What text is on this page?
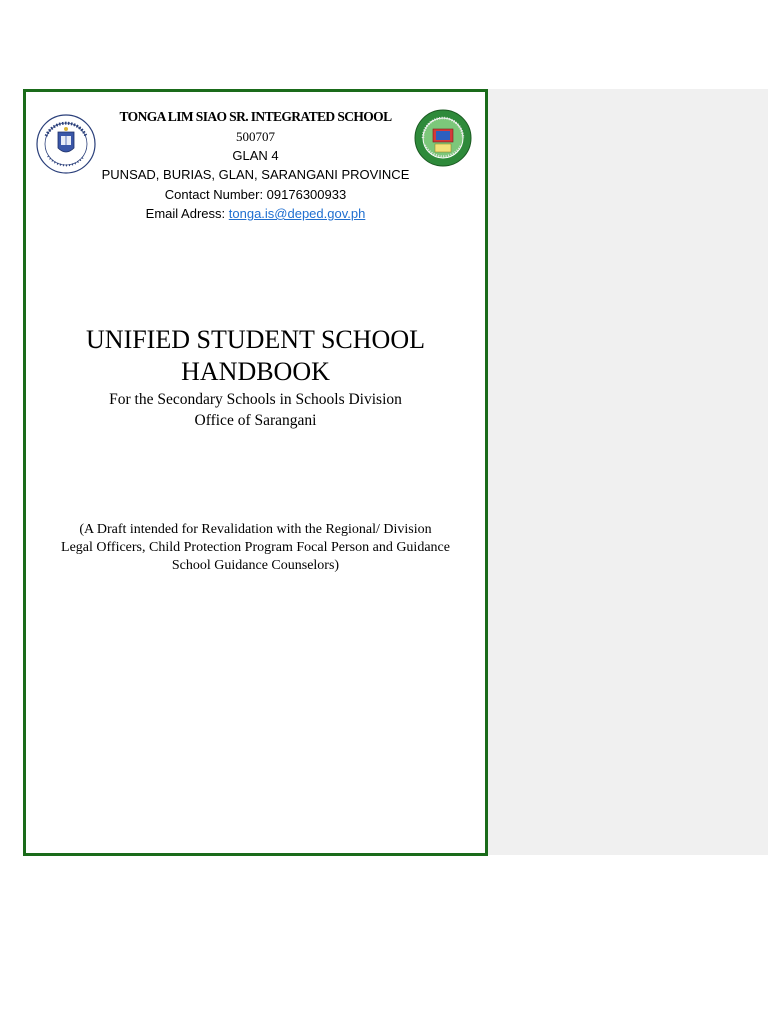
TONGA LIM SIAO SR. INTEGRATED SCHOOL
500707
GLAN 4
PUNSAD, BURIAS, GLAN, SARANGANI PROVINCE
Contact Number: 09176300933
Email Adress: tonga.is@deped.gov.ph
UNIFIED STUDENT SCHOOL
HANDBOOK
For the Secondary Schools in Schools Division
Office of Sarangani
(A Draft intended for Revalidation with the Regional/ Division
Legal Officers, Child Protection Program Focal Person and Guidance
School Guidance Counselors)
